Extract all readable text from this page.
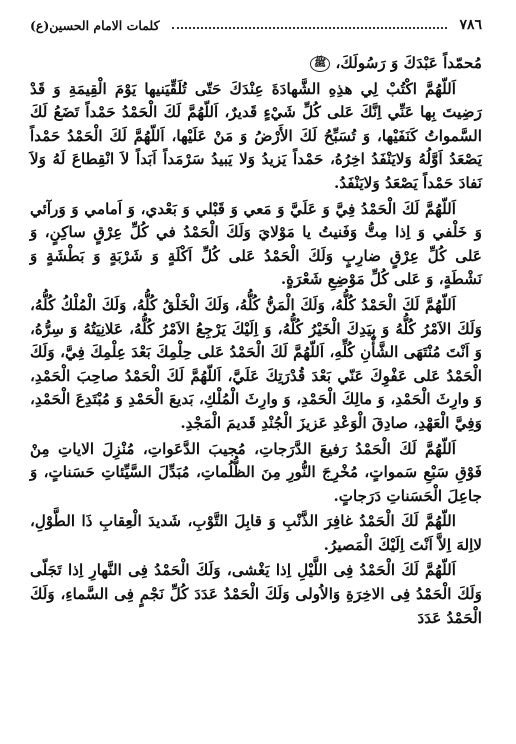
٧٨٦
كلمات الامام الحسين(ع)

مُحمّداً عَبْدَكَ وَ رَسُولَكَ، ﷺ

اَللّهُمَّ اكْتُبْ لِي هذِهِ الشَّهادَةَ عِنْدَكَ حَتّى تُلَقِّيَنيها يَوْمَ الْقِيمَةِ وَ قَدْ رَضِيتَ بِها عَنِّي اِنَّكَ عَلى كُلِّ شَيْءٍ قَديرٌ، اَللّهُمَّ لَكَ الْحَمْدُ حَمْداً تَضَعُ لَكَ السَّمواتُ كَنَفَيْها، وَ تُسَبِّحُ لَكَ الأَرْضُ وَ مَنْ عَلَيْها، اَللّهُمَّ لَكَ الْحَمْدُ حَمْداً يَصْعَدُ اَوَّلُهُ وَلايَنْفَدُ اخِرُهُ، حَمْداً يَزيدُ وَلا يَبيدُ سَرْمَداً اَبَداً لاَ انْقِطاعَ لَهُ وَلاَ نَفادَ حَمْداً يَصْعَدُ وَلايَنْفَدُ.

اَللّهُمَّ لَكَ الْحَمْدُ فِيَّ وَ عَلَيَّ وَ مَعي وَ قَبْلي وَ بَعْدي، وَ اَمامي وَ وَرآئي وَ خَلْفي وَ اِذا مِتُّ وَفَنيتُ يا مَوْلايَ وَلَكَ الْحَمْدُ في كُلِّ عِرْقٍ ساكِنٍ، وَ عَلى كُلِّ عِرْقٍ ضارِبٍ وَلَكَ الْحَمْدُ عَلى كُلِّ اَكْلَةٍ وَ شَرْبَةٍ وَ بَطْشَةٍ وَ نَشْطَةٍ، وَ عَلى كُلِّ مَوْضِعِ شَعْرَةٍ.

اَللّهُمَّ لَكَ الْحَمْدُ كُلُّهُ، وَلَكَ الْمَنُّ كُلُّهُ، وَلَكَ الْخَلْقُ كُلُّهُ، وَلَكَ الْمُلْكُ كُلُّهُ، وَلَكَ الاَمْرُ كُلُّهُ وَ بِيَدِكَ الْخَيْرُ كُلُّهُ، وَ اِلَيْكَ يَرْجِعُ الاَمْرُ كُلُّهُ، عَلانِيَتُهُ وَ سِرُّهُ، وَ اَنْتَ مُنْتَهَى الشَّأْنِ كُلِّهِ، اَللّهُمَّ لَكَ الْحَمْدُ عَلى حِلْمِكَ بَعْدَ عِلْمِكَ فِيَّ، وَلَكَ الْحَمْدُ عَلى عَفْوِكَ عَنّي بَعْدَ قُدْرَتِكَ عَلَيَّ، اَللّهُمَّ لَكَ الْحَمْدُ صاحِبَ الْحَمْدِ، وَ وارِثَ الْحَمْدِ، وَ مالِكَ الْحَمْدِ، وَ وارِثَ الْمُلْكِ، بَديعَ الْحَمْدِ وَ مُبْتَدِعَ الْحَمْدِ، وَفِيَّ الْعَهْدِ، صادِقَ الْوَعْدِ عَزيزَ الْجُنْدِ قَديمَ الْمَجْدِ.

اَللّهُمَّ لَكَ الْحَمْدُ رَفيعَ الدَّرَجاتِ، مُجيبَ الدَّعَواتِ، مُنْزِلَ الاياتِ مِنْ فَوْقِ سَبْعِ سَمواتٍ، مُخْرِجَ النُّورِ مِنَ الظُّلُماتِ، مُبَدِّلَ السَّيِّئاتِ حَسَناتٍ، وَ جاعِلَ الْحَسَناتِ دَرَجاتٍ.

اللّهُمَّ لَكَ الْحَمْدُ غافِرَ الذَّنْبِ وَ قابِلَ التَّوْبِ، شَديدَ الْعِقابِ ذَا الطَّوْلِ، لااِلهَ اِلاَّ اَنْتَ اِلَيْكَ الْمَصيرُ.

اَللّهُمَّ لَكَ الْحَمْدُ فِى اللَّيْلِ اِذا يَغْشى، وَلَكَ الْحَمْدُ فِى النَّهارِ اِذا تَجَلّى وَلَكَ الْحَمْدُ فِى الاخِرَةِ وَالاُولى وَلَكَ الْحَمْدُ عَدَدَ كُلِّ نَجْمٍ فِى السَّماءِ، وَلَكَ الْحَمْدُ عَدَدَ
